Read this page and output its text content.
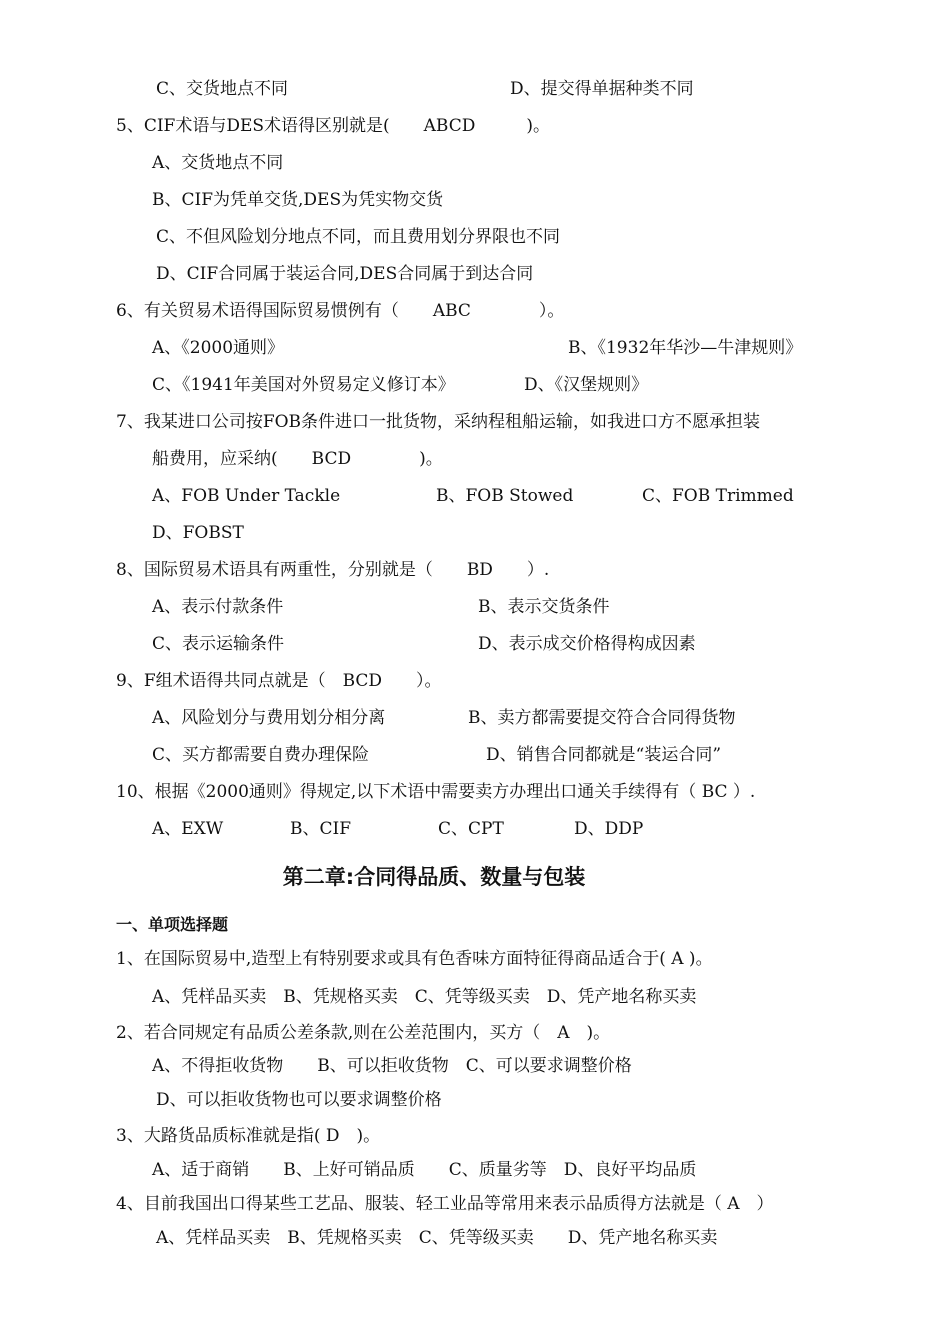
C、交货地点不同	D、提交得单据种类不同
5、CIF术语与DES术语得区别就是(　　ABCD　　　)。
A、交货地点不同
B、CIF为凭单交货,DES为凭实物交货
C、不但风险划分地点不同，而且费用划分界限也不同
D、CIF合同属于装运合同,DES合同属于到达合同
6、有关贸易术语得国际贸易惯例有（　　ABC　　　　）。
A、《2000通则》	B、《1932年华沙—牛津规则》
C、《1941年美国对外贸易定义修订本》	D、《汉堡规则》
7、我某进口公司按FOB条件进口一批货物，采纳程租船运输，如我进口方不愿承担装
船费用，应采纳(　　BCD　　　　)。
A、FOB Under Tackle	B、FOB Stowed	C、FOB Trimmed
D、FOBST
8、国际贸易术语具有两重性，分别就是（　　BD　　）.
A、表示付款条件	B、表示交货条件
C、表示运输条件	D、表示成交价格得构成因素
9、F组术语得共同点就是（　BCD　　）。
A、风险划分与费用划分相分离	B、卖方都需要提交符合合同得货物
C、买方都需要自费办理保险	D、销售合同都就是“装运合同”
10、根据《2000通则》得规定,以下术语中需要卖方办理出口通关手续得有（ BC ）.
A、EXW	B、CIF	C、CPT	D、DDP
第二章:合同得品质、数量与包装
一、单项选择题
1、在国际贸易中,造型上有特别要求或具有色香味方面特征得商品适合于( A )。
A、凭样品买卖　B、凭规格买卖　C、凭等级买卖　D、凭产地名称买卖
2、若合同规定有品质公差条款,则在公差范围内，买方（　A　)。
A、不得拒收货物　　B、可以拒收货物　C、可以要求调整价格
D、可以拒收货物也可以要求调整价格
3、大路货品质标准就是指( D　)。
A、适于商销　　B、上好可销品质　　C、质量劣等　D、良好平均品质
4、目前我国出口得某些工艺品、服装、轻工业品等常用来表示品质得方法就是（ A　）
A、凭样品买卖　B、凭规格买卖　C、凭等级买卖　　D、凭产地名称买卖
